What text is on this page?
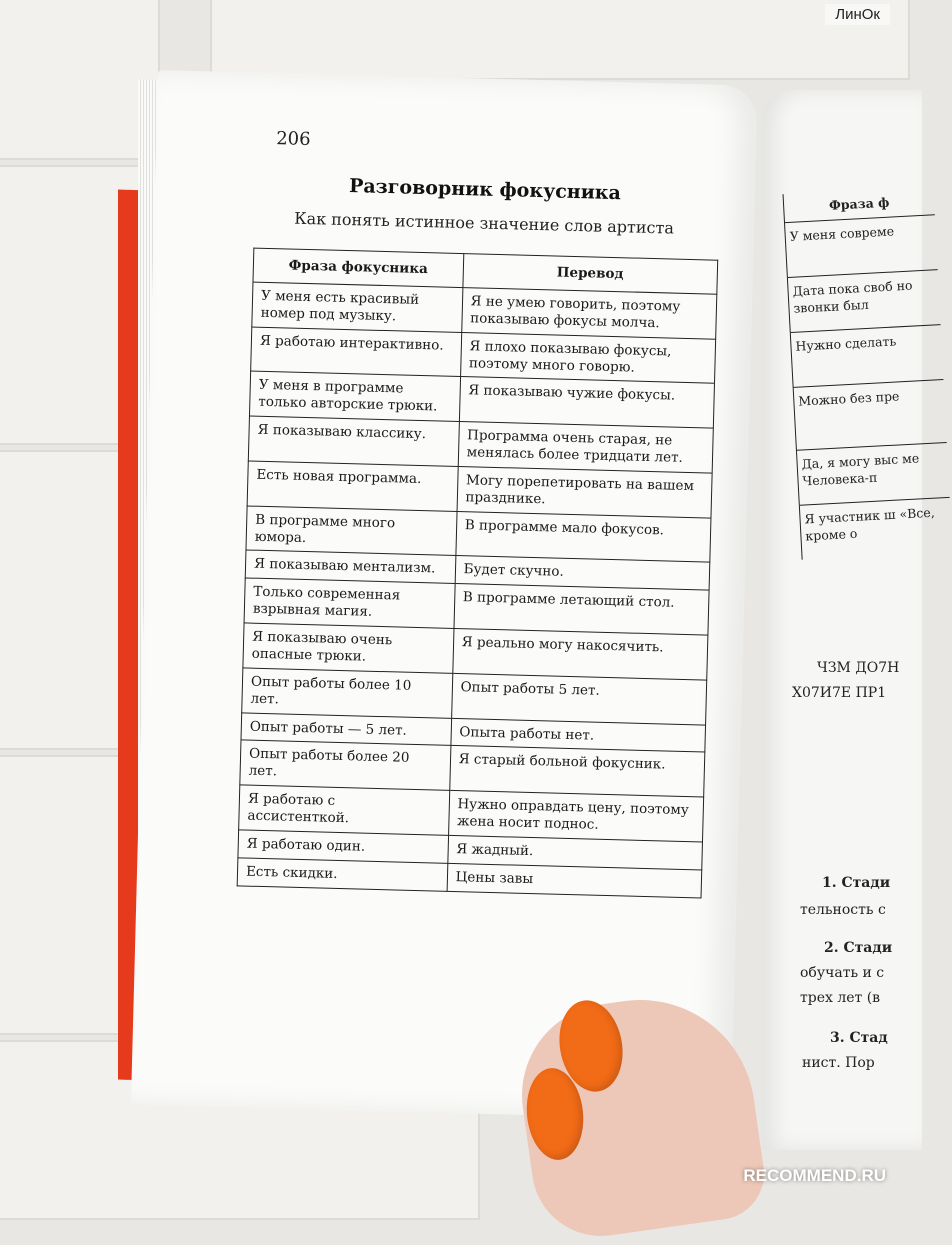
ЛинОк
Фраза ф
У меня совреме
Дата пока своб но звонки был
Нужно сделать
Можно без пре
Да, я могу выс ме Человека-п
Я участник ш «Все, кроме о
ЧЗМ ДО7Н
Х07И7Е ПР1
1. Стади
тельность с
2. Стади
обучать и с
трех лет (в
3. Стад
нист. Пор
206
Разговорник фокусника
Как понять истинное значение слов артиста
Фраза фокусника	Перевод
У меня есть красивый номер под музыку.	Я не умею говорить, поэтому показываю фокусы молча.
Я работаю интерактивно.	Я плохо показываю фокусы, поэтому много говорю.
У меня в программе только авторские трюки.	Я показываю чужие фокусы.
Я показываю классику.	Программа очень старая, не менялась более тридцати лет.
Есть новая программа.	Могу порепетировать на вашем празднике.
В программе много юмора.	В программе мало фокусов.
Я показываю ментализм.	Будет скучно.
Только современная взрывная магия.	В программе летающий стол.
Я показываю очень опасные трюки.	Я реально могу накосячить.
Опыт работы более 10 лет.	Опыт работы 5 лет.
Опыт работы — 5 лет.	Опыта работы нет.
Опыт работы более 20 лет.	Я старый больной фокусник.
Я работаю с ассистенткой.	Нужно оправдать цену, поэтому жена носит поднос.
Я работаю один.	Я жадный.
Есть скидки.	Цены завы
RECOMMEND.RU
